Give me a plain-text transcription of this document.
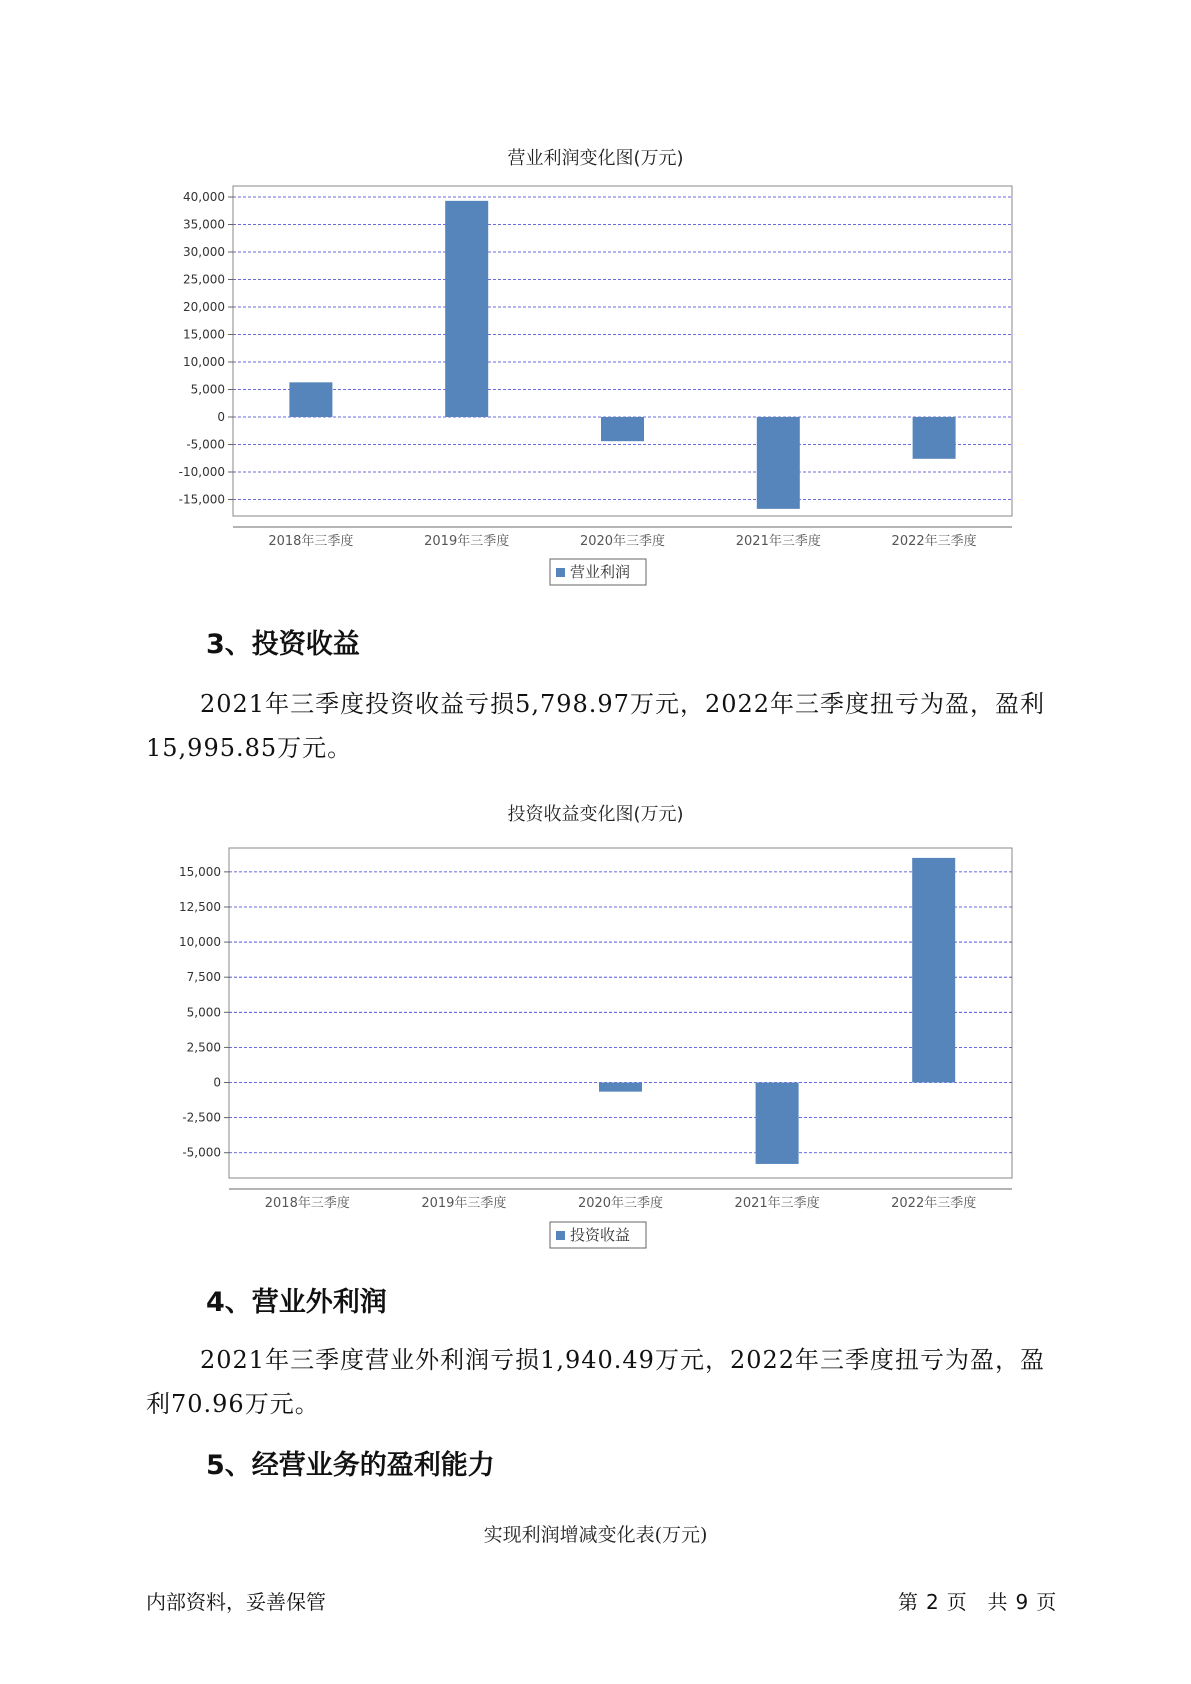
营业利润变化图(万元)
40,000
35,000
30,000
25,000
20,000
15,000
10,000
5,000
0
-5,000
-10,000
-15,000
2018年三季度	2019年三季度	2020年三季度	2021年三季度	2022年三季度
营业利润
3、投资收益
2021年三季度投资收益亏损5,798.97万元，2022年三季度扭亏为盈，盈利15,995.85万元。
投资收益变化图(万元)
15,000
12,500
10,000
7,500
5,000
2,500
0
-2,500
-5,000
2018年三季度	2019年三季度	2020年三季度	2021年三季度	2022年三季度
投资收益
4、营业外利润
2021年三季度营业外利润亏损1,940.49万元，2022年三季度扭亏为盈，盈利70.96万元。
5、经营业务的盈利能力
实现利润增减变化表(万元)
内部资料，妥善保管	第 2 页 共 9 页
